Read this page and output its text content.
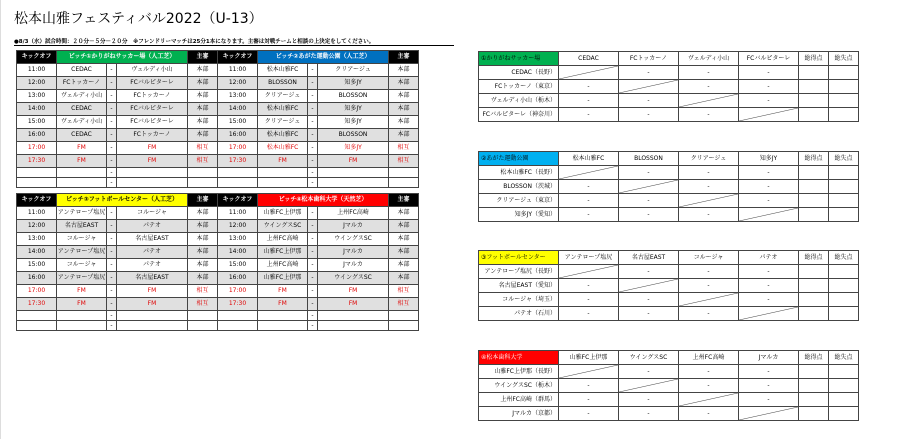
松本山雅フェスティバル2022（U-13）
●8/3（水）試合時間：２０分－５分－２０分　※フレンドリーマッチは25分1本になります。主審は対戦チームと相談の上決定をしてください。
キックオフ	ピッチ①かりがねサッカー場（人工芝）			主審	キックオフ	ピッチ②あがた運動公園（人工芝）			主審
11:00	CEDAC	-	ヴェルディ小山	本部	11:00	松本山雅FC	-	クリアージュ	本部
12:00	FCトッカーノ	-	FCバルピターレ	本部	12:00	BLOSSON	-	知多JY	本部
13:00	ヴェルディ小山	-	FCトッカーノ	本部	13:00	クリアージュ	-	BLOSSON	本部
14:00	CEDAC	-	FCバルピターレ	本部	14:00	松本山雅FC	-	知多JY	本部
15:00	ヴェルディ小山	-	FCバルピターレ	本部	15:00	クリアージュ	-	知多JY	本部
16:00	CEDAC	-	FCトッカーノ	本部	16:00	松本山雅FC	-	BLOSSON	本部
17:00	FM	-	FM	相互	17:00	松本山雅FC	-	知多JY	相互
17:30	FM	-	FM	相互	17:30	FM	-	FM	相互
		-					-		
		-					-		
キックオフ	ピッチ③フットボールセンター（人工芝）			主審	キックオフ	ピッチ④松本歯科大学（天然芝）			主審
11:00	アンテロープ塩尻	-	コルージャ	本部	11:00	山雅FC上伊那	-	上州FC高崎	本部
12:00	名古屋EAST	-	パテオ	本部	12:00	ウイングスSC	-	Jマルカ	本部
13:00	コルージャ	-	名古屋EAST	本部	13:00	上州FC高崎	-	ウイングスSC	本部
14:00	アンテロープ塩尻	-	パテオ	本部	14:00	山雅FC上伊那	-	Jマルカ	本部
15:00	コルージャ	-	パテオ	本部	15:00	上州FC高崎	-	Jマルカ	本部
16:00	アンテロープ塩尻	-	名古屋EAST	本部	16:00	山雅FC上伊那	-	ウイングスSC	本部
17:00	FM	-	FM	相互	17:00	FM	-	FM	相互
17:30	FM	-	FM	相互	17:30	FM	-	FM	相互
		-					-		
		-					-		
①かりがねサッカー場	CEDAC	FCトッカーノ	ヴェルディ小山	FCバルピターレ	総得点	総失点
CEDAC（長野）		-	-	-		
FCトッカーノ（東京）	-		-	-		
ヴェルディ小山（栃木）	-	-		-		
FCバルピターレ（神奈川）	-	-	-			
②あがた運動公園	松本山雅FC	BLOSSON	クリアージュ	知多JY	総得点	総失点
松本山雅FC（長野）		-	-	-		
BLOSSON（茨城）	-		-	-		
クリアージュ（東京）	-	-		-		
知多JY（愛知）	-	-	-			
③フットボールセンター	アンテロープ塩尻	名古屋EAST	コルージャ	パテオ	総得点	総失点
アンテロープ塩尻（長野）		-	-	-		
名古屋EAST（愛知）	-		-	-		
コルージャ（埼玉）	-	-		-		
パテオ（石川）	-	-	-			
④松本歯科大学	山雅FC上伊那	ウイングスSC	上州FC高崎	Jマルカ	総得点	総失点
山雅FC上伊那（長野）		-	-	-		
ウイングスSC（栃木）	-		-	-		
上州FC高崎（群馬）	-	-		-		
Jマルカ（京都）	-	-	-			
